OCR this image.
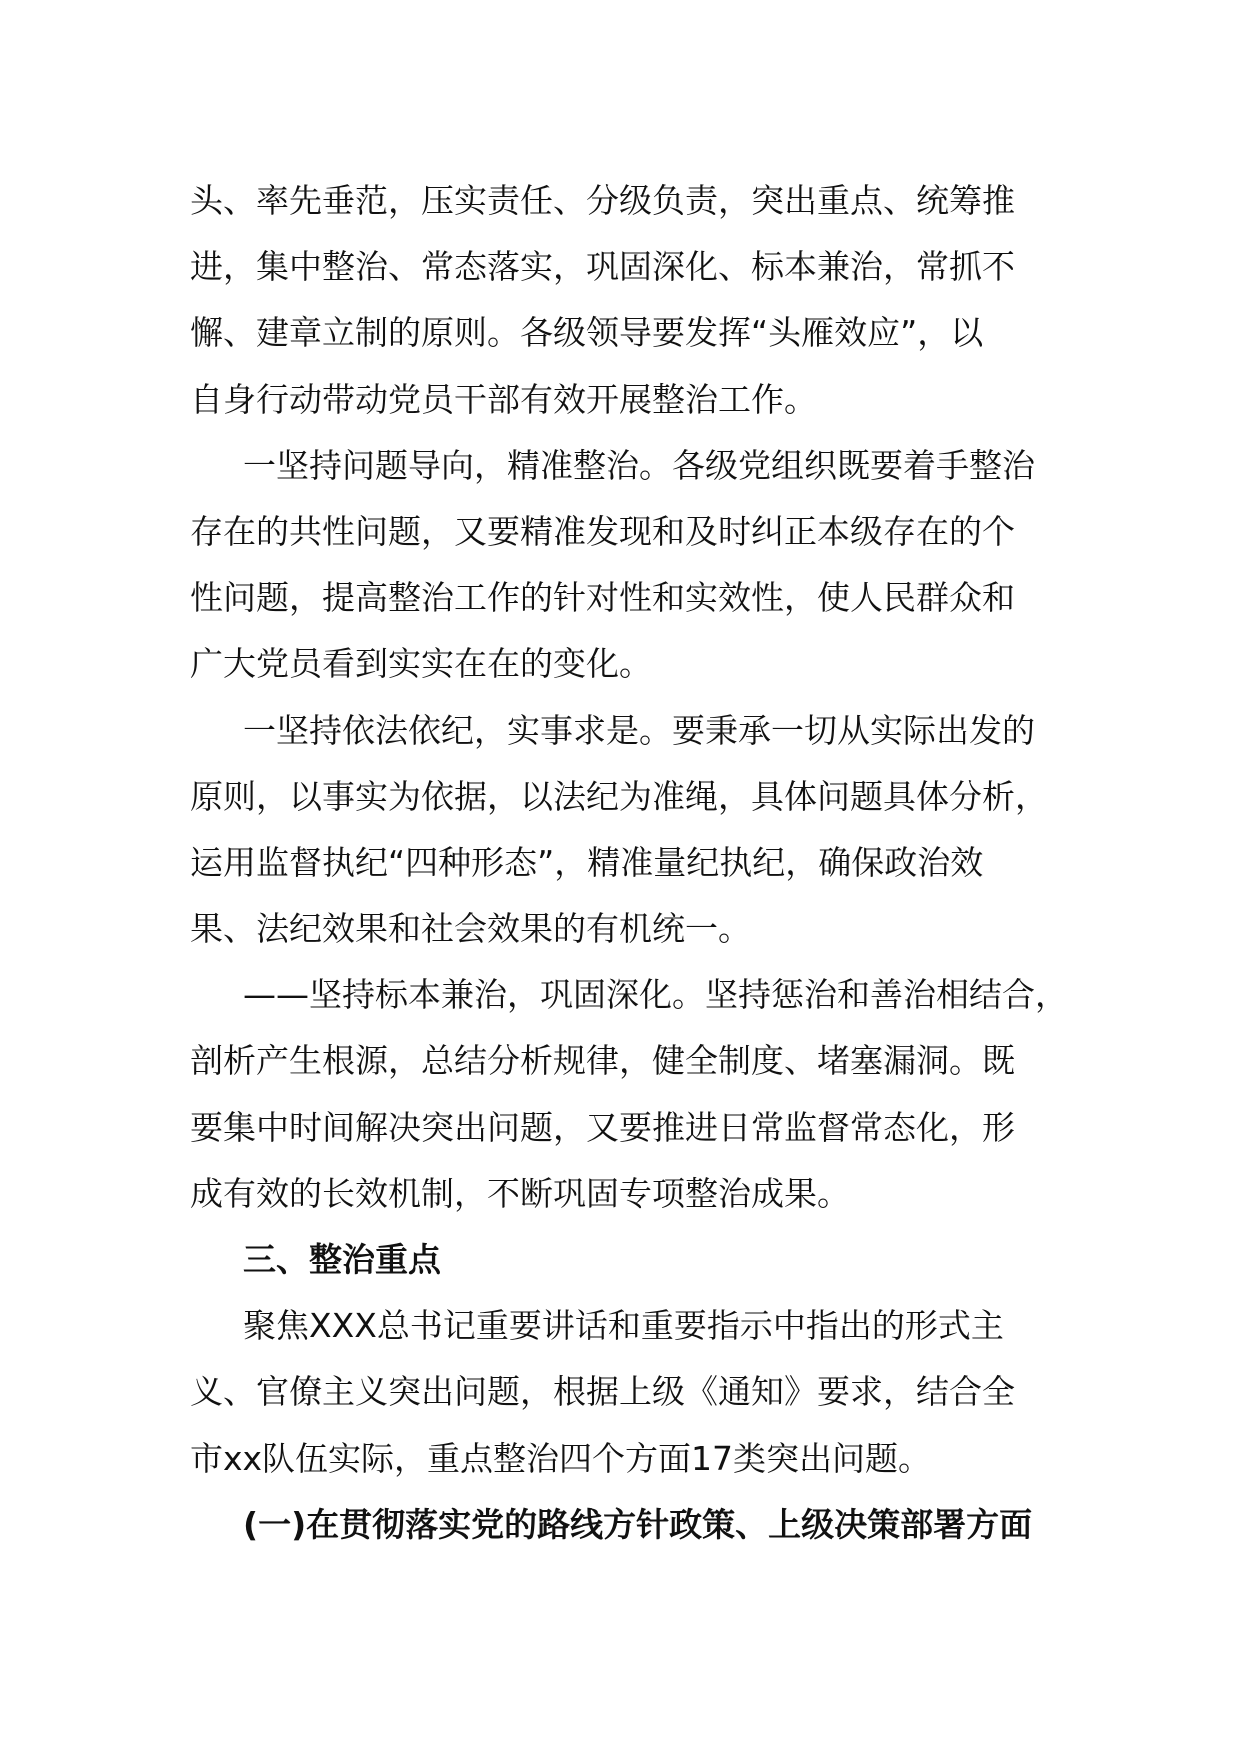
头、率先垂范，压实责任、分级负责，突出重点、统筹推
进，集中整治、常态落实，巩固深化、标本兼治，常抓不
懈、建章立制的原则。各级领导要发挥“头雁效应”，以
自身行动带动党员干部有效开展整治工作。
一坚持问题导向，精准整治。各级党组织既要着手整治
存在的共性问题，又要精准发现和及时纠正本级存在的个
性问题，提高整治工作的针对性和实效性，使人民群众和
广大党员看到实实在在的变化。
一坚持依法依纪，实事求是。要秉承一切从实际出发的
原则，以事实为依据，以法纪为准绳，具体问题具体分析，
运用监督执纪“四种形态”，精准量纪执纪，确保政治效
果、法纪效果和社会效果的有机统一。
——坚持标本兼治，巩固深化。坚持惩治和善治相结合，
剖析产生根源，总结分析规律，健全制度、堵塞漏洞。既
要集中时间解决突出问题，又要推进日常监督常态化，形
成有效的长效机制，不断巩固专项整治成果。
三、整治重点
聚焦XXX总书记重要讲话和重要指示中指出的形式主
义、官僚主义突出问题，根据上级《通知》要求，结合全
市xx队伍实际，重点整治四个方面17类突出问题。
(一)在贯彻落实党的路线方针政策、上级决策部署方面
